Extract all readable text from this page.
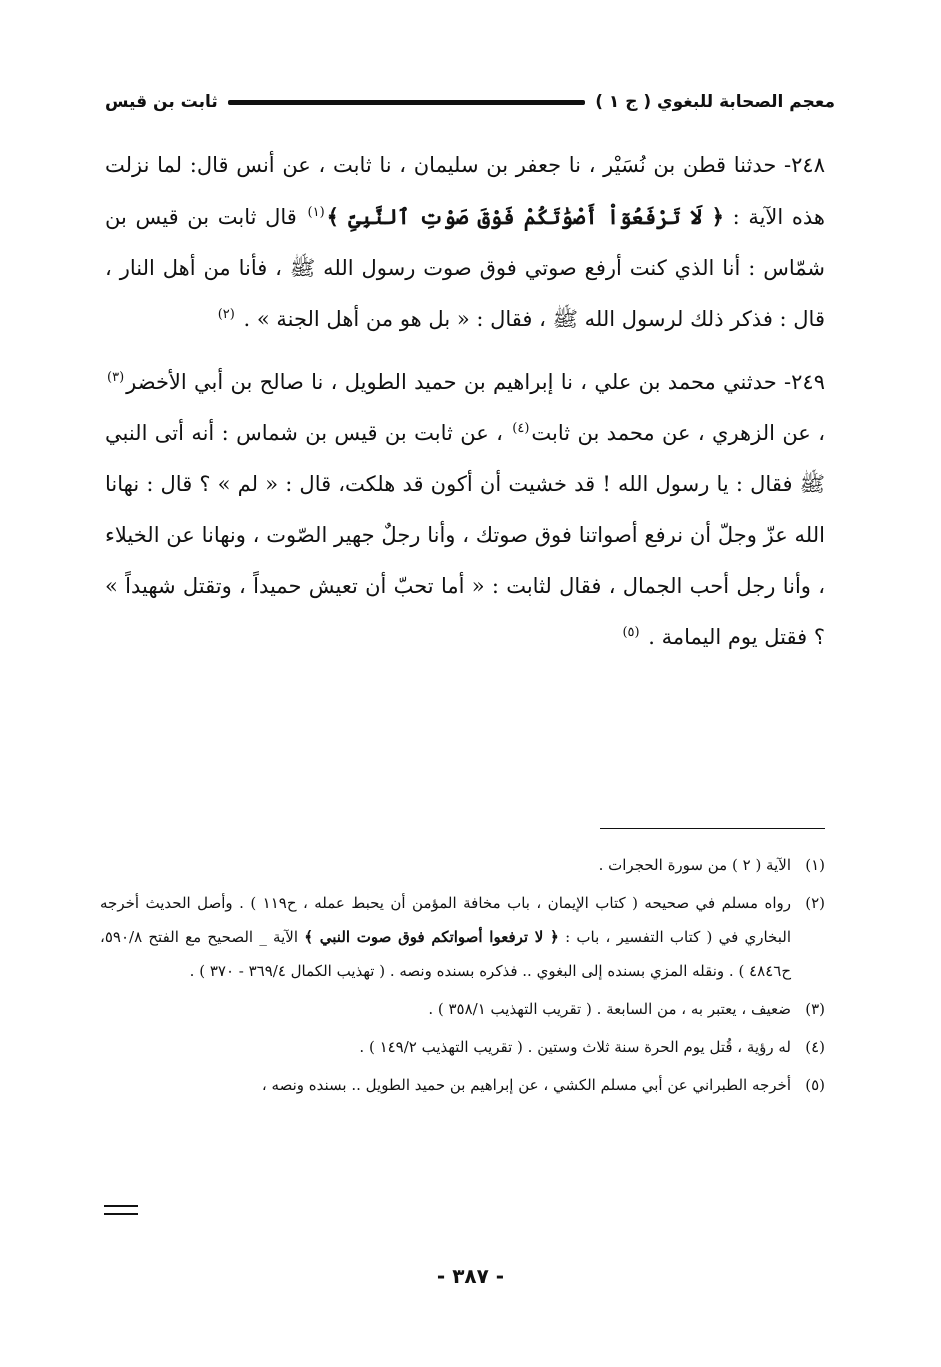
معجم الصحابة للبغوي ( ج ١ )
ثابت بن قيس

٢٤٨- حدثنا قطن بن نُسَيْر ، نا جعفر بن سليمان ، نا ثابت ، عن أنس قال: لما نزلت هذه الآية : ﴿ لَا تَرْفَعُوٓاْ أَصْوَٰتَكُمْ فَوْقَ صَوْتِ ٱلنَّبِىِّ ﴾$^{(١)}$ قال ثابت بن قيس بن شمّاس : أنا الذي كنت أرفع صوتي فوق صوت رسول الله ﷺ ، فأنا من أهل النار ، قال : فذكر ذلك لرسول الله ﷺ ، فقال : « بل هو من أهل الجنة » . $^{(٢)}$

٢٤٩- حدثني محمد بن علي ، نا إبراهيم بن حميد الطويل ، نا صالح بن أبي الأخضر$^{(٣)}$ ، عن الزهري ، عن محمد بن ثابت$^{(٤)}$ ، عن ثابت بن قيس بن شماس : أنه أتى النبي ﷺ فقال : يا رسول الله ! قد خشيت أن أكون قد هلكت، قال : « لم » ؟ قال : نهانا الله عزّ وجلّ أن نرفع أصواتنا فوق صوتك ، وأنا رجلٌ جهير الصّوت ، ونهانا عن الخيلاء ، وأنا رجل أحب الجمال ، فقال لثابت : « أما تحبّ أن تعيش حميداً ، وتقتل شهيداً » ؟ فقتل يوم اليمامة . $^{(٥)}$

(١)
الآية ( ٢ ) من سورة الحجرات .
(٢)
رواه مسلم في صحيحه ( كتاب الإيمان ، باب مخافة المؤمن أن يحبط عمله ، ح١١٩ ) . وأصل الحديث أخرجه البخاري في ( كتاب التفسير ، باب : ﴿ لا ترفعوا أصواتكم فوق صوت النبي ﴾ الآية _ الصحيح مع الفتح ٥٩٠/٨، ح٤٨٤٦ ) . ونقله المزي بسنده إلى البغوي .. فذكره بسنده ونصه . ( تهذيب الكمال ٣٦٩/٤ - ٣٧٠ ) .
(٣)
ضعيف ، يعتبر به ، من السابعة . ( تقريب التهذيب ٣٥٨/١ ) .
(٤)
له رؤية ، قُتل يوم الحرة سنة ثلاث وستين . ( تقريب التهذيب ١٤٩/٢ ) .
(٥)
أخرجه الطبراني عن أبي مسلم الكشي ، عن إبراهيم بن حميد الطويل .. بسنده ونصه ،
- ٣٨٧ -
